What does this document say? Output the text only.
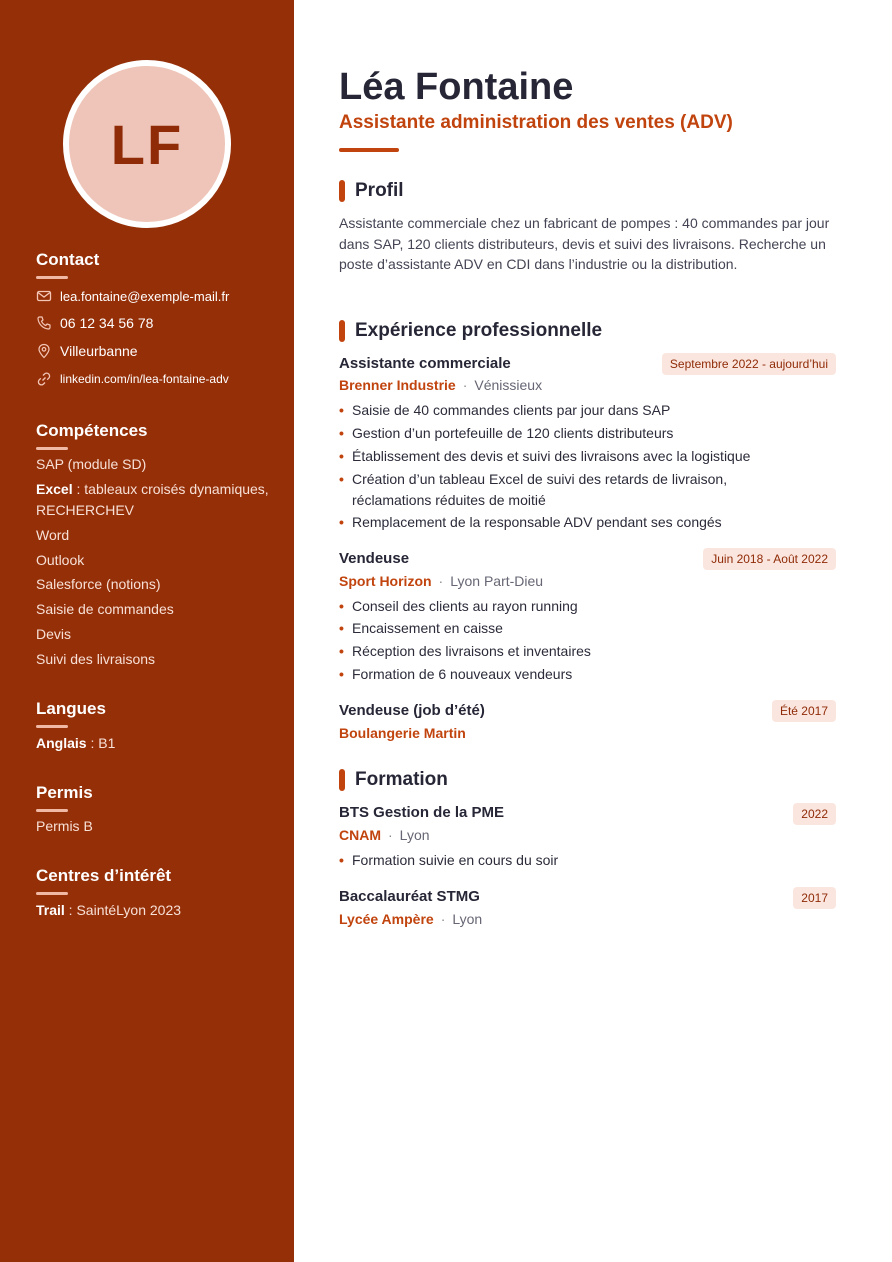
LF
Contact
lea.fontaine@exemple-mail.fr
06 12 34 56 78
Villeurbanne
linkedin.com/in/lea-fontaine-adv
Compétences
SAP (module SD)
Excel : tableaux croisés dynamiques, RECHERCHEV
Word
Outlook
Salesforce (notions)
Saisie de commandes
Devis
Suivi des livraisons
Langues
Anglais : B1
Permis
Permis B
Centres d’intérêt
Trail : SaintéLyon 2023
Léa Fontaine
Assistante administration des ventes (ADV)
Profil

Assistante commerciale chez un fabricant de pompes : 40 commandes par jour dans SAP, 120 clients distributeurs, devis et suivi des livraisons. Recherche un poste d’assistante ADV en CDI dans l’industrie ou la distribution.

Expérience professionnelle
Assistante commerciale	Septembre 2022 - aujourd’hui
Brenner Industrie · Vénissieux
• Saisie de 40 commandes clients par jour dans SAP
• Gestion d’un portefeuille de 120 clients distributeurs
• Établissement des devis et suivi des livraisons avec la logistique
• Création d’un tableau Excel de suivi des retards de livraison, réclamations réduites de moitié
• Remplacement de la responsable ADV pendant ses congés
Vendeuse	Juin 2018 - Août 2022
Sport Horizon · Lyon Part-Dieu
• Conseil des clients au rayon running
• Encaissement en caisse
• Réception des livraisons et inventaires
• Formation de 6 nouveaux vendeurs
Vendeuse (job d’été)	Été 2017
Boulangerie Martin
Formation
BTS Gestion de la PME	2022
CNAM · Lyon
• Formation suivie en cours du soir
Baccalauréat STMG	2017
Lycée Ampère · Lyon
